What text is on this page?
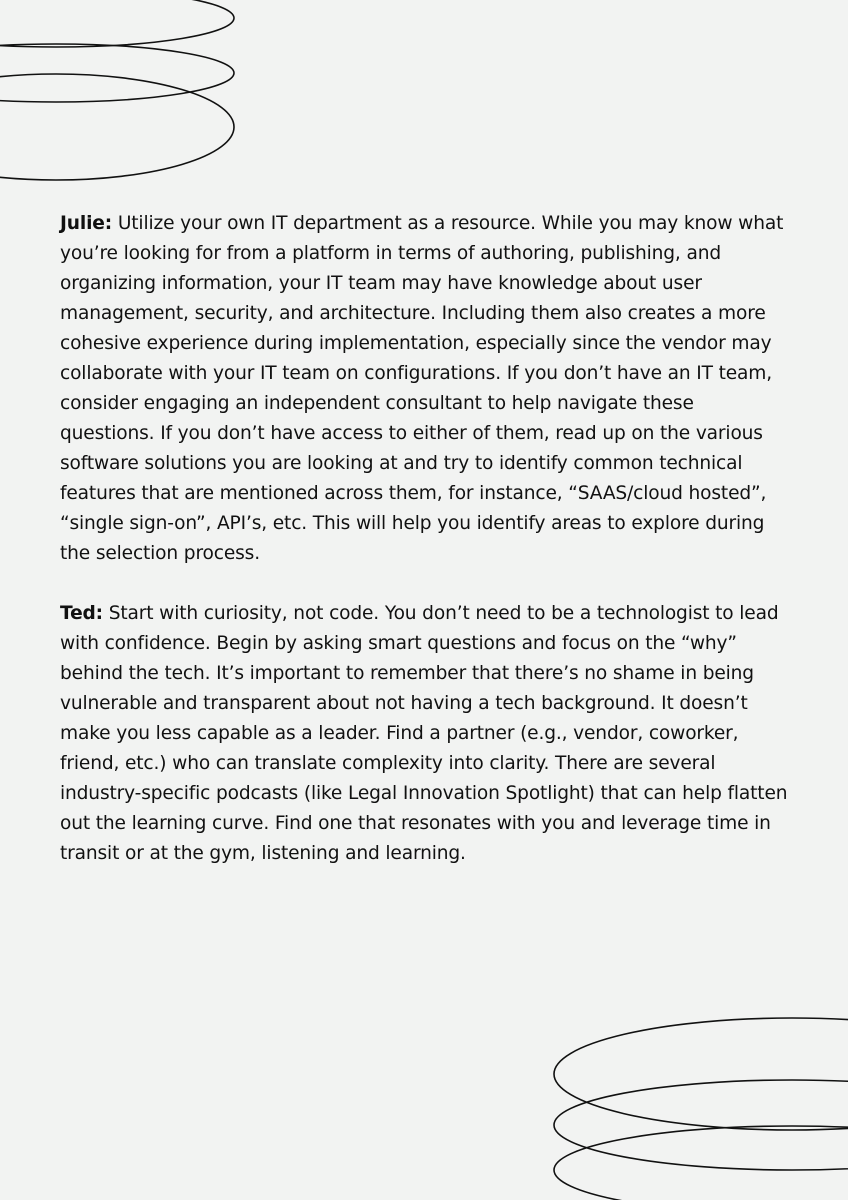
Julie: Utilize your own IT department as a resource. While you may know what you’re looking for from a platform in terms of authoring, publishing, and organizing information, your IT team may have knowledge about user management, security, and architecture. Including them also creates a more cohesive experience during implementation, especially since the vendor may collaborate with your IT team on configurations. If you don’t have an IT team, consider engaging an independent consultant to help navigate these questions. If you don’t have access to either of them, read up on the various software solutions you are looking at and try to identify common technical features that are mentioned across them, for instance, “SAAS/cloud hosted”, “single sign-on”, API’s, etc. This will help you identify areas to explore during the selection process.

Ted: Start with curiosity, not code. You don’t need to be a technologist to lead with confidence. Begin by asking smart questions and focus on the “why” behind the tech. It’s important to remember that there’s no shame in being vulnerable and transparent about not having a tech background. It doesn’t make you less capable as a leader. Find a partner (e.g., vendor, coworker, friend, etc.) who can translate complexity into clarity. There are several industry-specific podcasts (like Legal Innovation Spotlight) that can help flatten out the learning curve. Find one that resonates with you and leverage time in transit or at the gym, listening and learning.
